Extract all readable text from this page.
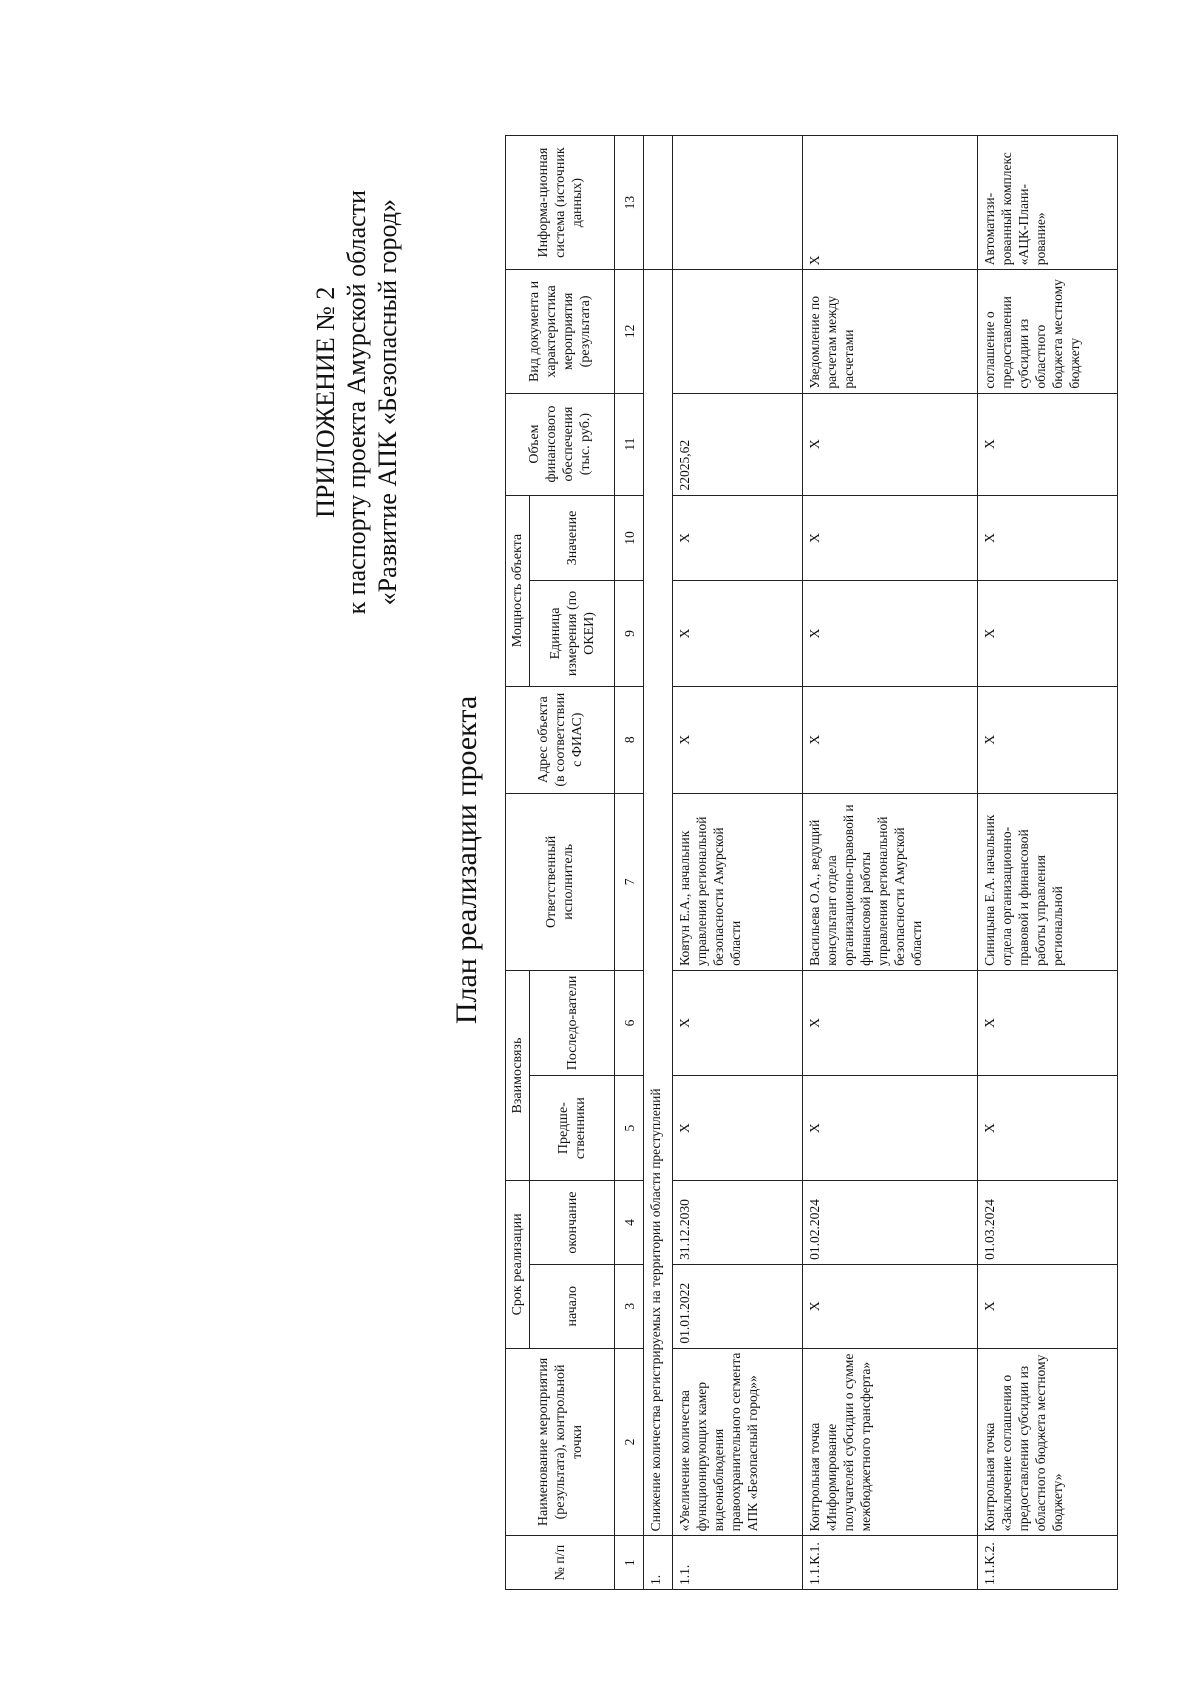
ПРИЛОЖЕНИЕ № 2 к паспорту проекта Амурской области «Развитие АПК «Безопасный город»
План реализации проекта
№ п/п	Наименование мероприятия (результата), контрольной точки	Срок реализации		Взаимосвязь		Ответственный исполнитель	Адрес объекта (в соответствии с ФИАС)	Мощность объекта		Объем финансового обеспечения (тыс. руб.)	Вид документа и характеристика мероприятия (результата)	Информа-ционная система (источник данных)
		начало	окончание	Предше-ственники	Последо-ватели			Единица измерения (по ОКЕИ)	Значение			
1	2	3	4	5	6	7	8	9	10	11	12	13
1.	Снижение количества регистрируемых на территории области преступлений											
1.1.	«Увеличение количества функционирующих камер видеонаблюдения правоохранительного сегмента АПК «Безопасный город»»	01.01.2022	31.12.2030	Х	Х	Ковтун Е.А., начальник управления региональной безопасности Амурской области	Х	Х	Х	22025,62		
1.1.К.1.	Контрольная точка «Информирование получателей субсидии о сумме межбюджетного трансферта»	Х	01.02.2024	Х	Х	Васильева О.А., ведущий консультант отдела организационно-правовой и финансовой работы управления региональной безопасности Амурской области	Х	Х	Х	Х	Уведомление по расчетам между расчетами	Х
1.1.К.2.	Контрольная точка «Заключение соглашения о предоставлении субсидии из областного бюджета местному бюджету»	Х	01.03.2024	Х	Х	Синицына Е.А. начальник отдела организационно-правовой и финансовой работы управления региональной	Х	Х	Х	Х	соглашение о предоставлении субсидии из областного бюджета местному бюджету	Автоматизи-рованный комплекс «АЦК-Плани-рование»
